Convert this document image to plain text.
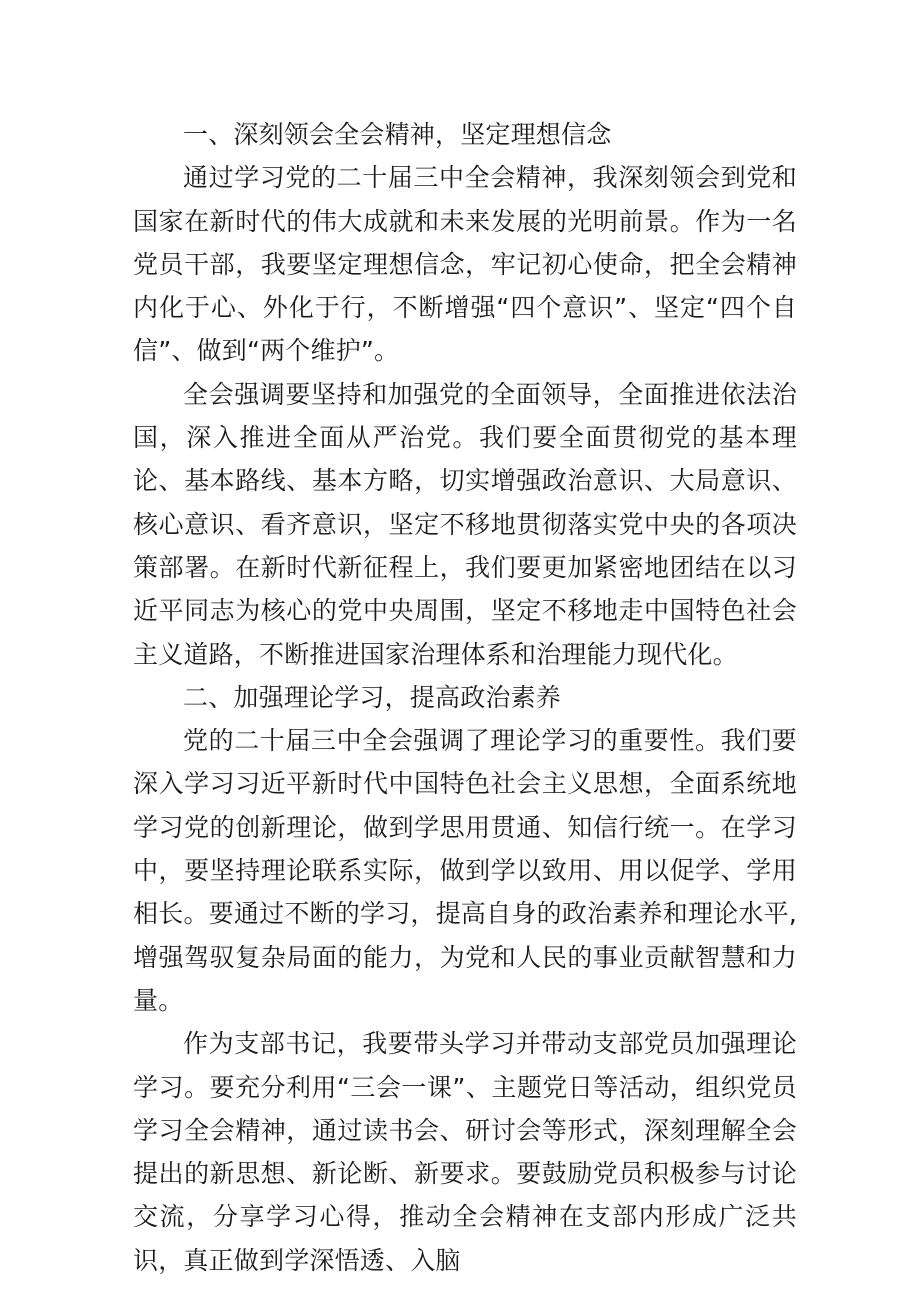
一、深刻领会全会精神，坚定理想信念

通过学习党的二十届三中全会精神，我深刻领会到党和国家在新时代的伟大成就和未来发展的光明前景。作为一名党员干部，我要坚定理想信念，牢记初心使命，把全会精神内化于心、外化于行，不断增强“四个意识”、坚定“四个自信”、做到“两个维护”。

全会强调要坚持和加强党的全面领导，全面推进依法治国，深入推进全面从严治党。我们要全面贯彻党的基本理论、基本路线、基本方略，切实增强政治意识、大局意识、核心意识、看齐意识，坚定不移地贯彻落实党中央的各项决策部署。在新时代新征程上，我们要更加紧密地团结在以习近平同志为核心的党中央周围，坚定不移地走中国特色社会主义道路，不断推进国家治理体系和治理能力现代化。

二、加强理论学习，提高政治素养

党的二十届三中全会强调了理论学习的重要性。我们要深入学习习近平新时代中国特色社会主义思想，全面系统地学习党的创新理论，做到学思用贯通、知信行统一。在学习中，要坚持理论联系实际，做到学以致用、用以促学、学用相长。要通过不断的学习，提高自身的政治素养和理论水平,增强驾驭复杂局面的能力，为党和人民的事业贡献智慧和力量。

作为支部书记，我要带头学习并带动支部党员加强理论学习。要充分利用“三会一课”、主题党日等活动，组织党员学习全会精神，通过读书会、研讨会等形式，深刻理解全会提出的新思想、新论断、新要求。要鼓励党员积极参与讨论交流，分享学习心得，推动全会精神在支部内形成广泛共识，真正做到学深悟透、入脑
